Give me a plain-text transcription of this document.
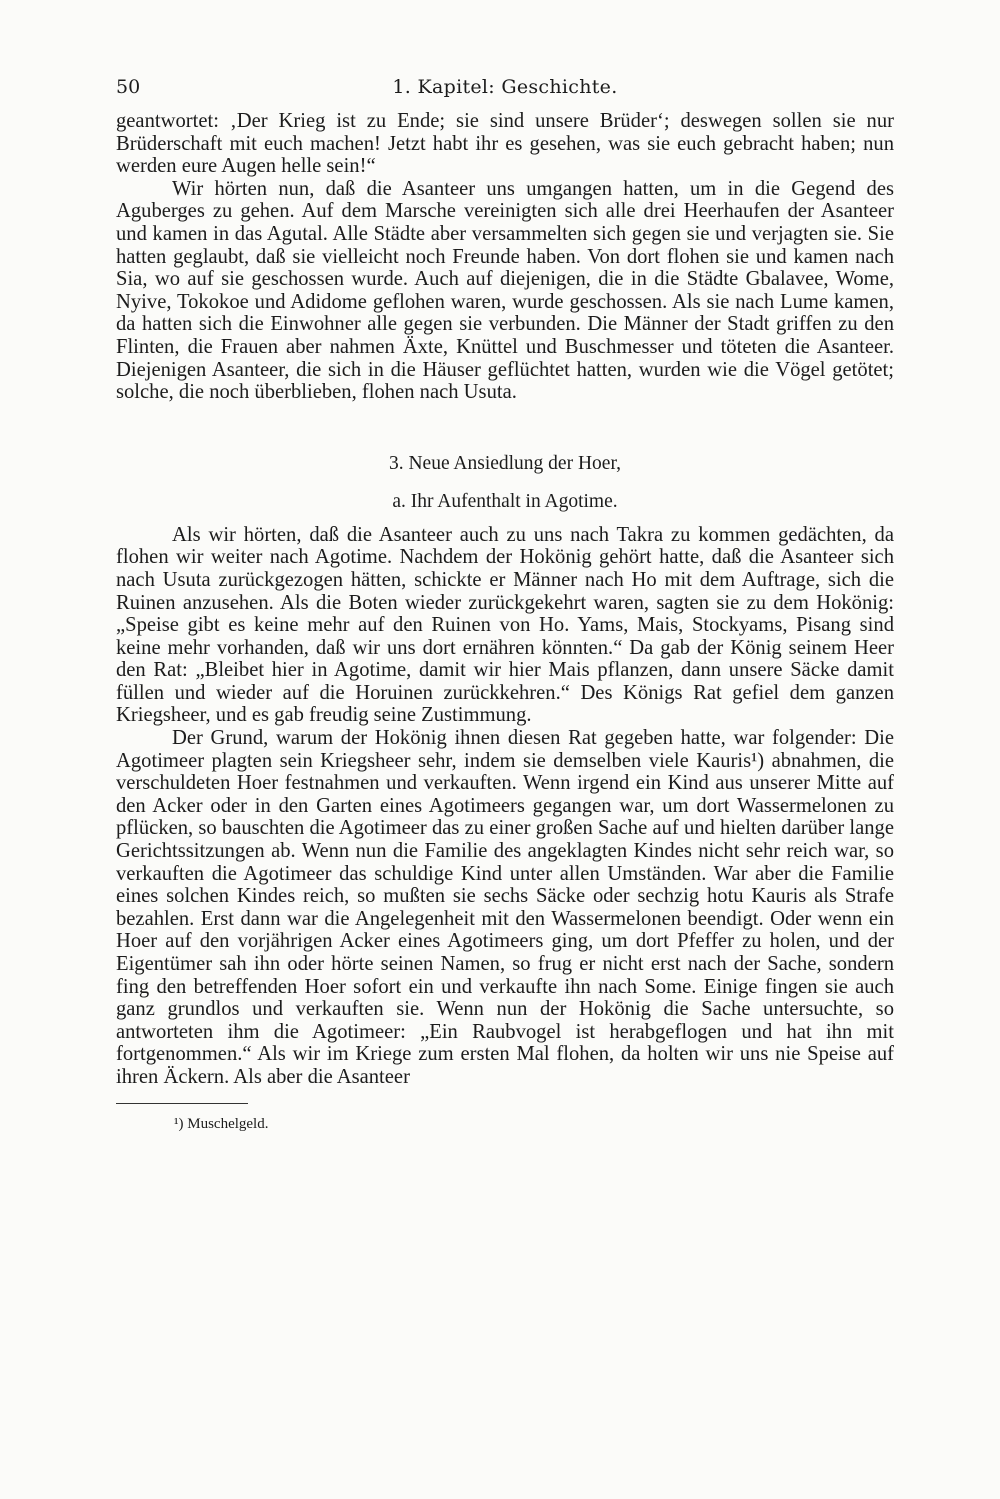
50	1. Kapitel: Geschichte.

geantwortet: ‚Der Krieg ist zu Ende; sie sind unsere Brüder‘; deswegen sollen sie nur Brüderschaft mit euch machen! Jetzt habt ihr es gesehen, was sie euch gebracht haben; nun werden eure Augen helle sein!“

Wir hörten nun, daß die Asanteer uns umgangen hatten, um in die Gegend des Aguberges zu gehen. Auf dem Marsche vereinigten sich alle drei Heerhaufen der Asanteer und kamen in das Agutal. Alle Städte aber versammelten sich gegen sie und verjagten sie. Sie hatten geglaubt, daß sie vielleicht noch Freunde haben. Von dort flohen sie und kamen nach Sia, wo auf sie geschossen wurde. Auch auf diejenigen, die in die Städte Gbalavee, Wome, Nyive, Tokokoe und Adidome geflohen waren, wurde geschossen. Als sie nach Lume kamen, da hatten sich die Einwohner alle gegen sie verbunden. Die Männer der Stadt griffen zu den Flinten, die Frauen aber nahmen Äxte, Knüttel und Buschmesser und töteten die Asanteer. Diejenigen Asanteer, die sich in die Häuser geflüchtet hatten, wurden wie die Vögel getötet; solche, die noch überblieben, flohen nach Usuta.

3. Neue Ansiedlung der Hoer,
a. Ihr Aufenthalt in Agotime.

Als wir hörten, daß die Asanteer auch zu uns nach Takra zu kommen gedächten, da flohen wir weiter nach Agotime. Nachdem der Hokönig gehört hatte, daß die Asanteer sich nach Usuta zurückgezogen hätten, schickte er Männer nach Ho mit dem Auftrage, sich die Ruinen anzusehen. Als die Boten wieder zurückgekehrt waren, sagten sie zu dem Hokönig: „Speise gibt es keine mehr auf den Ruinen von Ho. Yams, Mais, Stockyams, Pisang sind keine mehr vorhanden, daß wir uns dort ernähren könnten.“ Da gab der König seinem Heer den Rat: „Bleibet hier in Agotime, damit wir hier Mais pflanzen, dann unsere Säcke damit füllen und wieder auf die Horuinen zurückkehren.“ Des Königs Rat gefiel dem ganzen Kriegsheer, und es gab freudig seine Zustimmung.

Der Grund, warum der Hokönig ihnen diesen Rat gegeben hatte, war folgender: Die Agotimeer plagten sein Kriegsheer sehr, indem sie demselben viele Kauris¹) abnahmen, die verschuldeten Hoer festnahmen und verkauften. Wenn irgend ein Kind aus unserer Mitte auf den Acker oder in den Garten eines Agotimeers gegangen war, um dort Wassermelonen zu pflücken, so bauschten die Agotimeer das zu einer großen Sache auf und hielten darüber lange Gerichtssitzungen ab. Wenn nun die Familie des angeklagten Kindes nicht sehr reich war, so verkauften die Agotimeer das schuldige Kind unter allen Umständen. War aber die Familie eines solchen Kindes reich, so mußten sie sechs Säcke oder sechzig hotu Kauris als Strafe bezahlen. Erst dann war die Angelegenheit mit den Wassermelonen beendigt. Oder wenn ein Hoer auf den vorjährigen Acker eines Agotimeers ging, um dort Pfeffer zu holen, und der Eigentümer sah ihn oder hörte seinen Namen, so frug er nicht erst nach der Sache, sondern fing den betreffenden Hoer sofort ein und verkaufte ihn nach Some. Einige fingen sie auch ganz grundlos und verkauften sie. Wenn nun der Hokönig die Sache untersuchte, so antworteten ihm die Agotimeer: „Ein Raubvogel ist herabgeflogen und hat ihn mit fortgenommen.“ Als wir im Kriege zum ersten Mal flohen, da holten wir uns nie Speise auf ihren Äckern. Als aber die Asanteer

¹) Muschelgeld.
